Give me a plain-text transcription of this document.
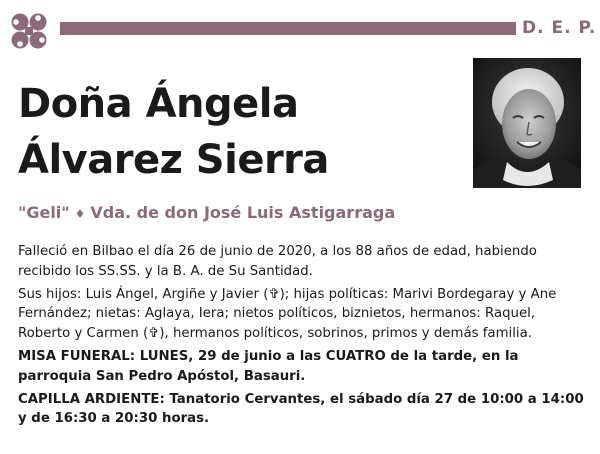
D. E. P.
Doña Ángela
Álvarez Sierra
"Geli" ♦ Vda. de don José Luis Astigarraga

Falleció en Bilbao el día 26 de junio de 2020, a los 88 años de edad, habiendo recibido los SS.SS. y la B. A. de Su Santidad.

Sus hijos: Luis Ángel, Argiñe y Javier (✞); hijas políticas: Marivi Bordegaray y Ane Fernández; nietas: Aglaya, Iera; nietos políticos, biznietos, hermanos: Raquel, Roberto y Carmen (✞), hermanos políticos, sobrinos, primos y demás familia.

MISA FUNERAL: LUNES, 29 de junio a las CUATRO de la tarde, en la parroquia San Pedro Apóstol, Basauri.

CAPILLA ARDIENTE: Tanatorio Cervantes, el sábado día 27 de 10:00 a 14:00 y de 16:30 a 20:30 horas.
